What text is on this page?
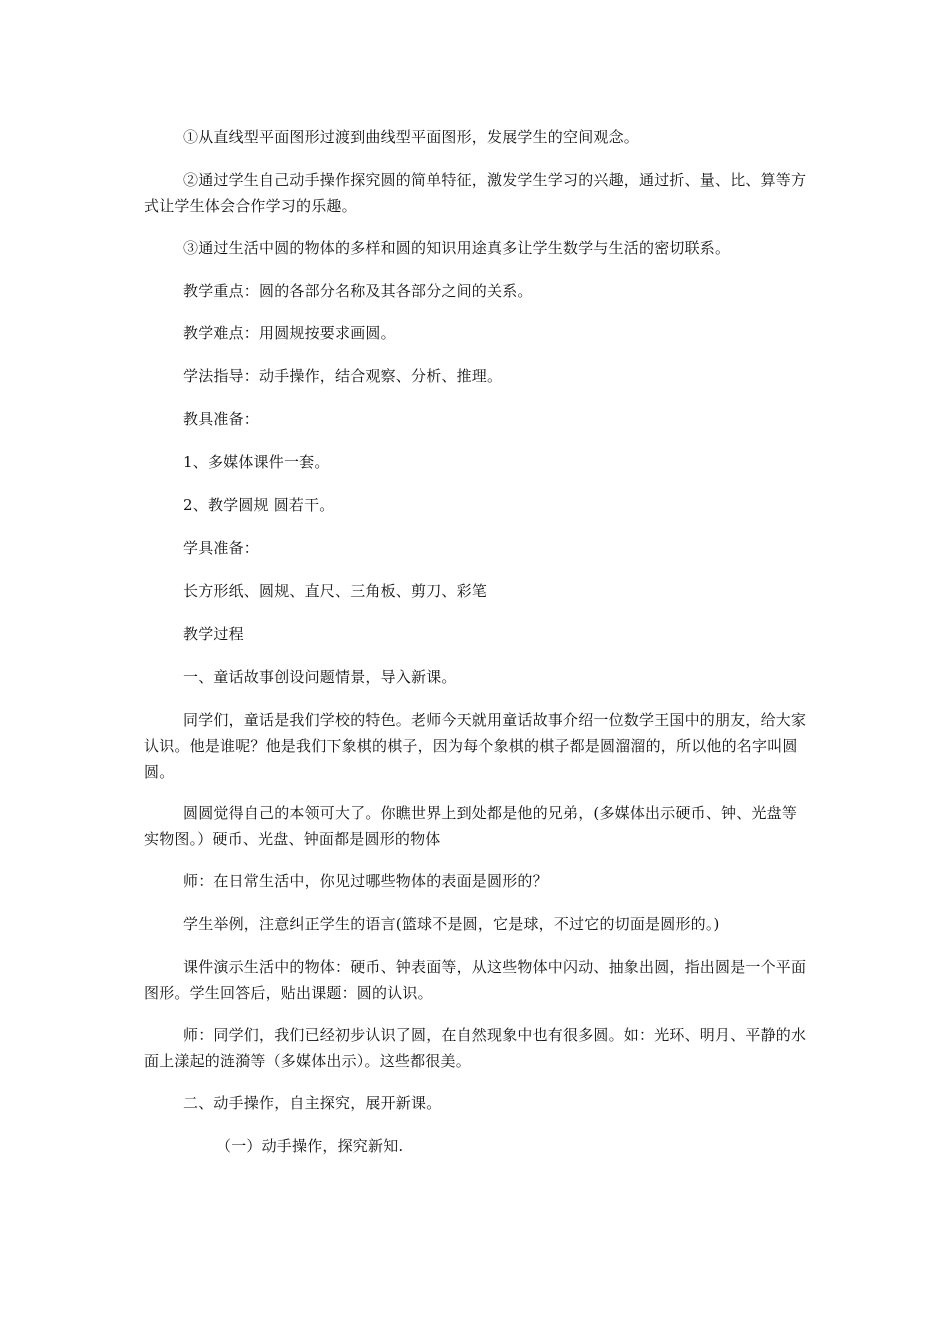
①从直线型平面图形过渡到曲线型平面图形，发展学生的空间观念。

②通过学生自己动手操作探究圆的简单特征，激发学生学习的兴趣，通过折、量、比、算等方式让学生体会合作学习的乐趣。

③通过生活中圆的物体的多样和圆的知识用途真多让学生数学与生活的密切联系。

教学重点：圆的各部分名称及其各部分之间的关系。

教学难点：用圆规按要求画圆。

学法指导：动手操作，结合观察、分析、推理。

教具准备：

1、多媒体课件一套。

2、教学圆规 圆若干。

学具准备：

长方形纸、圆规、直尺、三角板、剪刀、彩笔

教学过程

一、童话故事创设问题情景，导入新课。

同学们，童话是我们学校的特色。老师今天就用童话故事介绍一位数学王国中的朋友，给大家认识。他是谁呢？他是我们下象棋的棋子，因为每个象棋的棋子都是圆溜溜的，所以他的名字叫圆圆。

圆圆觉得自己的本领可大了。你瞧世界上到处都是他的兄弟，(多媒体出示硬币、钟、光盘等实物图。）硬币、光盘、钟面都是圆形的物体

师：在日常生活中，你见过哪些物体的表面是圆形的？

学生举例，注意纠正学生的语言(篮球不是圆，它是球，不过它的切面是圆形的。)

课件演示生活中的物体：硬币、钟表面等，从这些物体中闪动、抽象出圆，指出圆是一个平面图形。学生回答后，贴出课题：圆的认识。

师：同学们，我们已经初步认识了圆，在自然现象中也有很多圆。如：光环、明月、平静的水面上漾起的涟漪等（多媒体出示）。这些都很美。

二、动手操作，自主探究，展开新课。

（一）动手操作，探究新知.
